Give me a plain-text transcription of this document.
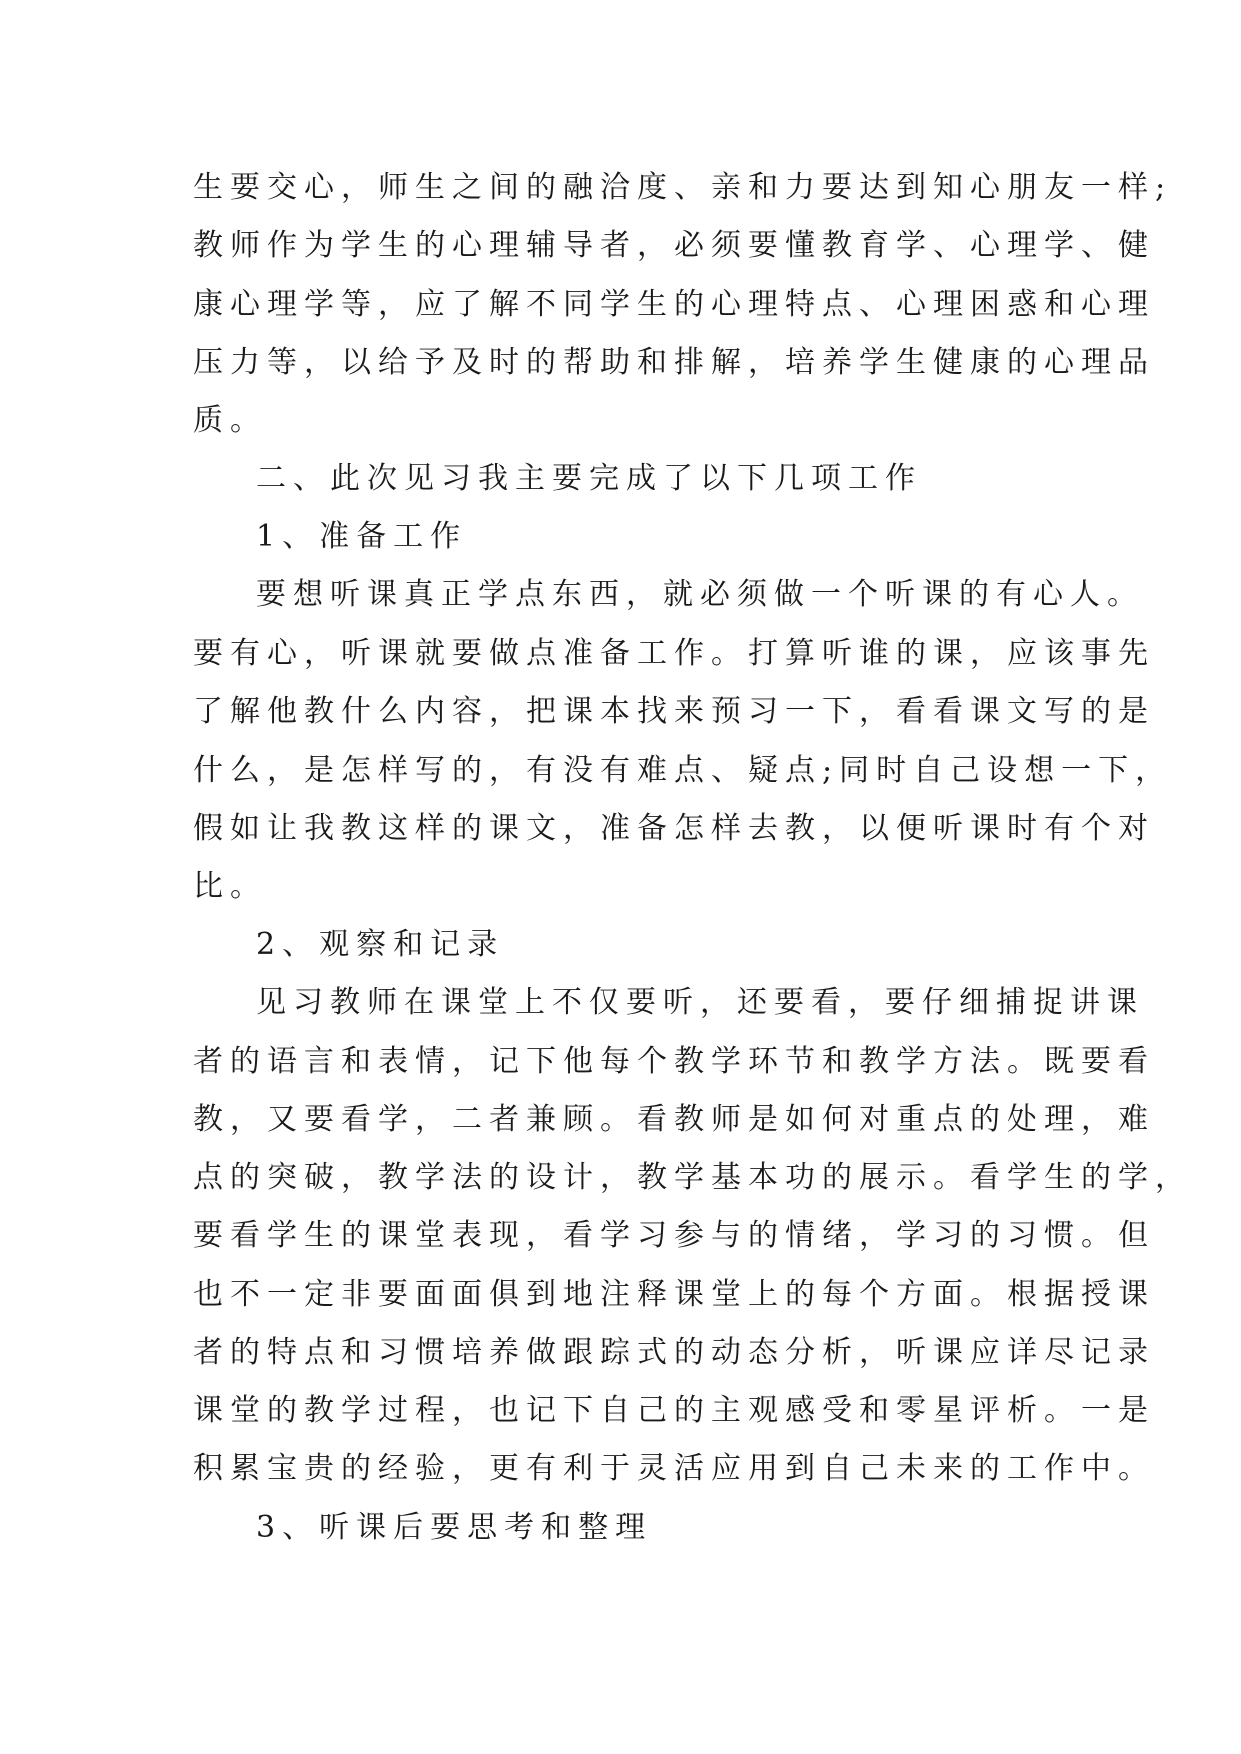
生要交心，师生之间的融洽度、亲和力要达到知心朋友一样;
教师作为学生的心理辅导者，必须要懂教育学、心理学、健
康心理学等，应了解不同学生的心理特点、心理困惑和心理
压力等，以给予及时的帮助和排解，培养学生健康的心理品
质。
二、此次见习我主要完成了以下几项工作
1、准备工作
要想听课真正学点东西，就必须做一个听课的有心人。
要有心，听课就要做点准备工作。打算听谁的课，应该事先
了解他教什么内容，把课本找来预习一下，看看课文写的是
什么，是怎样写的，有没有难点、疑点;同时自己设想一下，
假如让我教这样的课文，准备怎样去教，以便听课时有个对
比。
2、观察和记录
见习教师在课堂上不仅要听，还要看，要仔细捕捉讲课
者的语言和表情，记下他每个教学环节和教学方法。既要看
教，又要看学，二者兼顾。看教师是如何对重点的处理，难
点的突破，教学法的设计，教学基本功的展示。看学生的学，
要看学生的课堂表现，看学习参与的情绪，学习的习惯。但
也不一定非要面面俱到地注释课堂上的每个方面。根据授课
者的特点和习惯培养做跟踪式的动态分析，听课应详尽记录
课堂的教学过程，也记下自己的主观感受和零星评析。一是
积累宝贵的经验，更有利于灵活应用到自己未来的工作中。
3、听课后要思考和整理
